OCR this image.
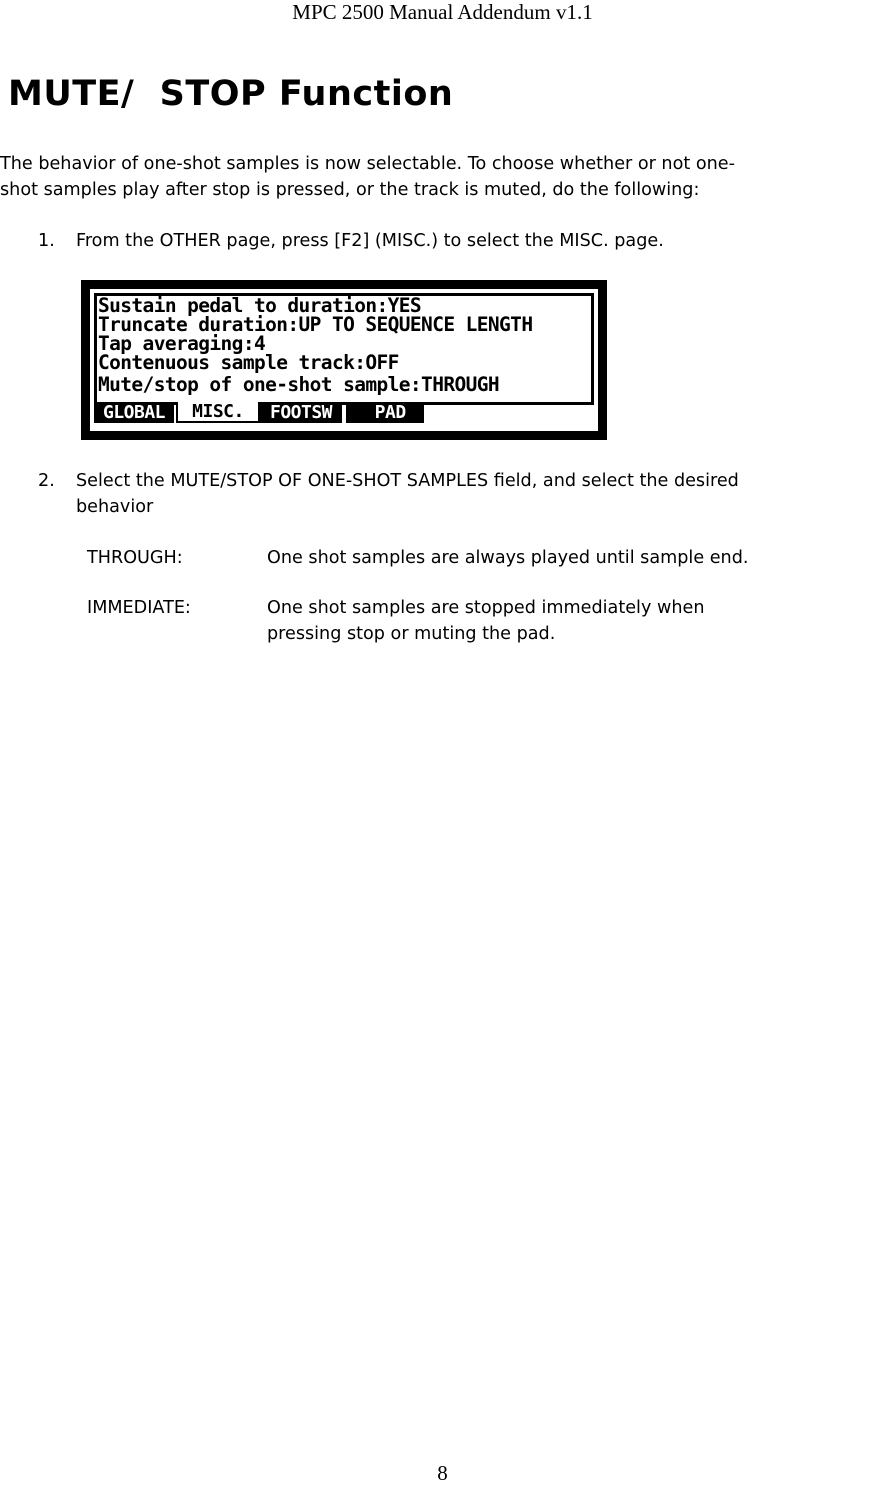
MPC 2500 Manual Addendum v1.1
MUTE/  STOP Function
The behavior of one-shot samples is now selectable. To choose whether or not one-
shot samples play after stop is pressed, or the track is muted, do the following:
1. From the OTHER page, press [F2] (MISC.) to select the MISC. page.
Sustain pedal to duration:YES
Truncate duration:UP TO SEQUENCE LENGTH
Tap averaging:4
Contenuous sample track:OFF
Mute/stop of one-shot sample:THROUGH
GLOBAL	MISC.	FOOTSW	PAD
2. Select the MUTE/STOP OF ONE-SHOT SAMPLES field, and select the desired
behavior
THROUGH:	One shot samples are always played until sample end.
IMMEDIATE:	One shot samples are stopped immediately when
pressing stop or muting the pad.
8
